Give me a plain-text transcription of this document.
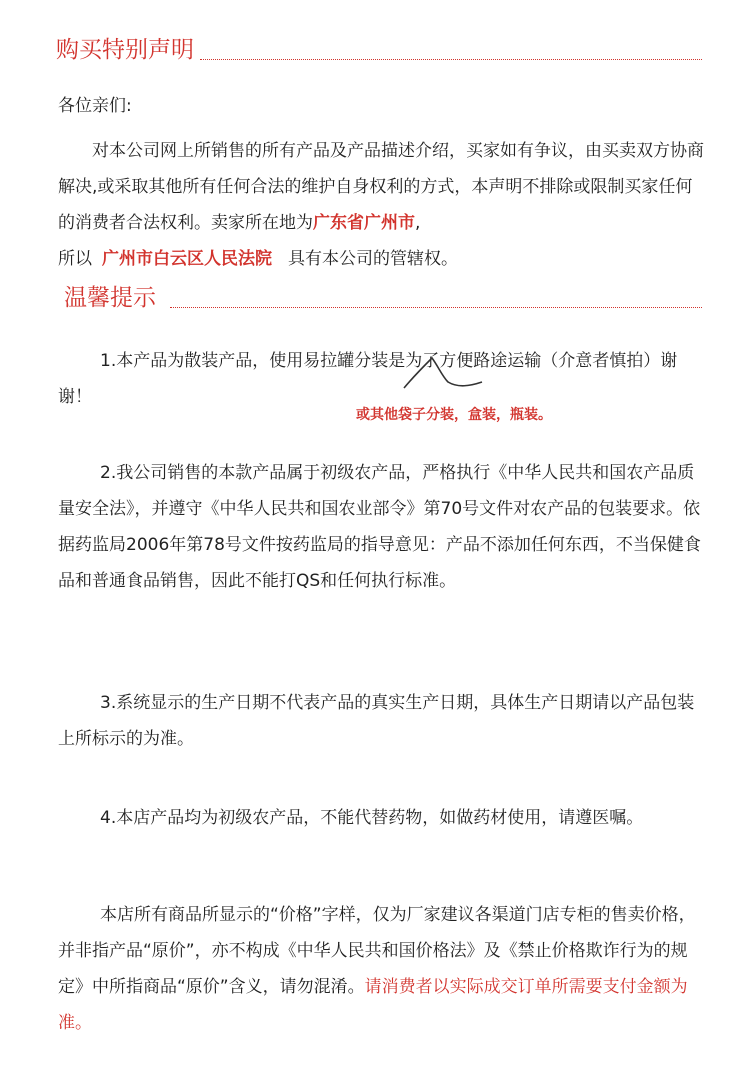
购买特别声明

各位亲们:

对本公司网上所销售的所有产品及产品描述介绍，买家如有争议，由买卖双方协商解决,或采取其他所有任何合法的维护自身权利的方式，本声明不排除或限制买家任何的消费者合法权利。卖家所在地为广东省广州市,
所以 广州市白云区人民法院 具有本公司的管辖权。

温馨提示

1.本产品为散装产品，使用易拉罐分装是为了方便路途运输（介意者慎拍）谢谢！

或其他袋子分装，盒装，瓶装。

2.我公司销售的本款产品属于初级农产品，严格执行《中华人民共和国农产品质量安全法》，并遵守《中华人民共和国农业部令》第70号文件对农产品的包装要求。依据药监局2006年第78号文件按药监局的指导意见：产品不添加任何东西，不当保健食品和普通食品销售，因此不能打QS和任何执行标准。

3.系统显示的生产日期不代表产品的真实生产日期，具体生产日期请以产品包装上所标示的为准。

4.本店产品均为初级农产品，不能代替药物，如做药材使用，请遵医嘱。

本店所有商品所显示的“价格”字样，仅为厂家建议各渠道门店专柜的售卖价格，并非指产品“原价”，亦不构成《中华人民共和国价格法》及《禁止价格欺诈行为的规定》中所指商品“原价”含义，请勿混淆。请消费者以实际成交订单所需要支付金额为准。
